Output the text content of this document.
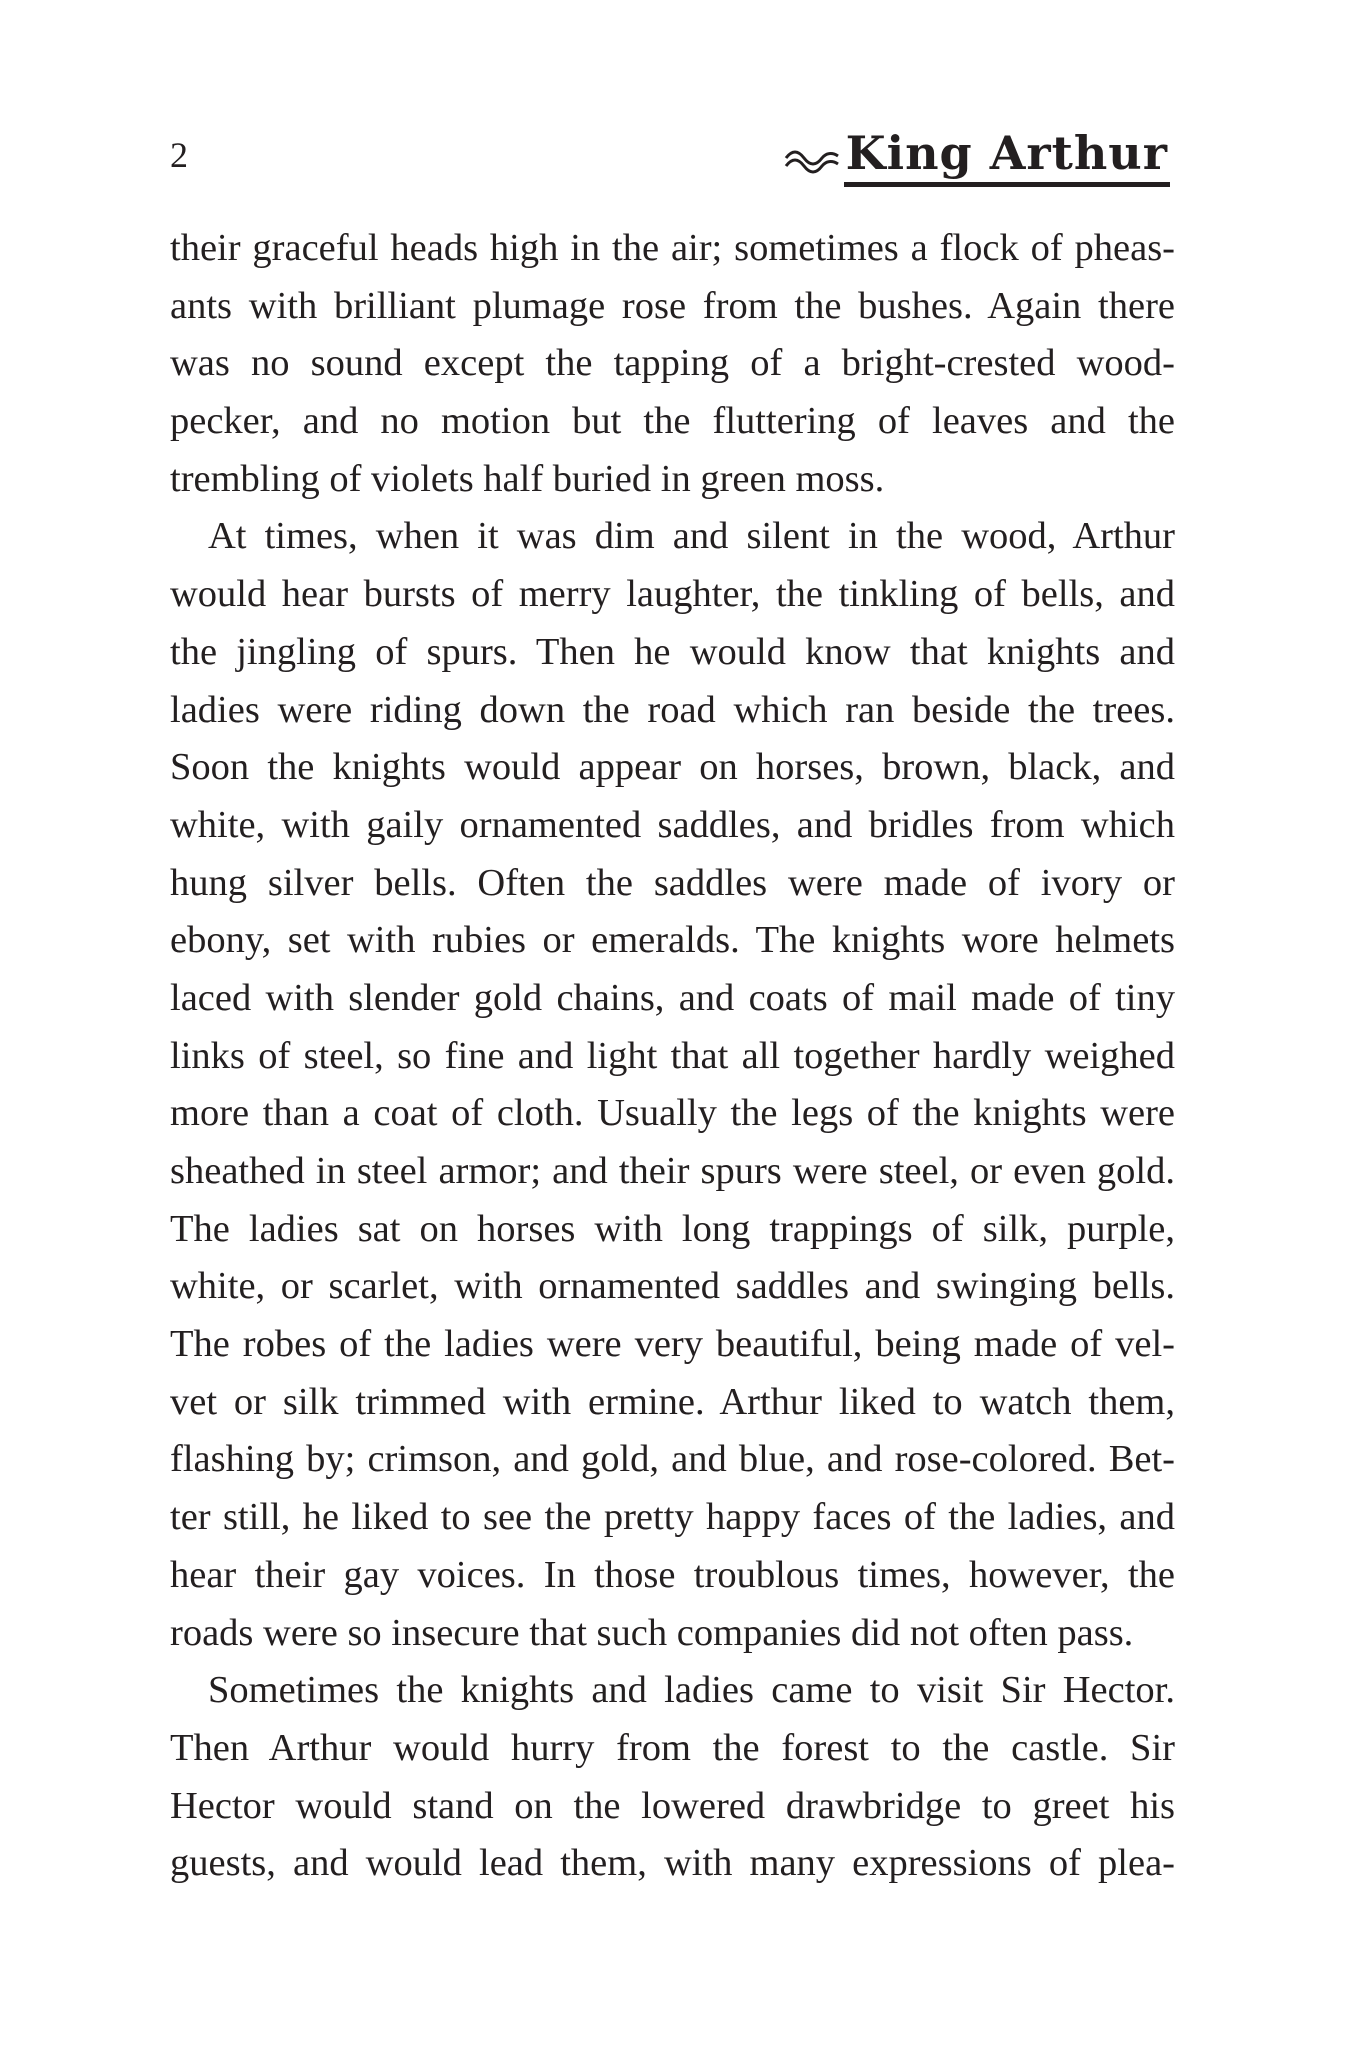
2	King Arthur
their graceful heads high in the air; sometimes a flock of pheas-
ants with brilliant plumage rose from the bushes. Again there
was no sound except the tapping of a bright-crested wood-
pecker, and no motion but the fluttering of leaves and the
trembling of violets half buried in green moss.
At times, when it was dim and silent in the wood, Arthur
would hear bursts of merry laughter, the tinkling of bells, and
the jingling of spurs. Then he would know that knights and
ladies were riding down the road which ran beside the trees.
Soon the knights would appear on horses, brown, black, and
white, with gaily ornamented saddles, and bridles from which
hung silver bells. Often the saddles were made of ivory or
ebony, set with rubies or emeralds. The knights wore helmets
laced with slender gold chains, and coats of mail made of tiny
links of steel, so fine and light that all together hardly weighed
more than a coat of cloth. Usually the legs of the knights were
sheathed in steel armor; and their spurs were steel, or even gold.
The ladies sat on horses with long trappings of silk, purple,
white, or scarlet, with ornamented saddles and swinging bells.
The robes of the ladies were very beautiful, being made of vel-
vet or silk trimmed with ermine. Arthur liked to watch them,
flashing by; crimson, and gold, and blue, and rose-colored. Bet-
ter still, he liked to see the pretty happy faces of the ladies, and
hear their gay voices. In those troublous times, however, the
roads were so insecure that such companies did not often pass.
Sometimes the knights and ladies came to visit Sir Hector.
Then Arthur would hurry from the forest to the castle. Sir
Hector would stand on the lowered drawbridge to greet his
guests, and would lead them, with many expressions of plea-
